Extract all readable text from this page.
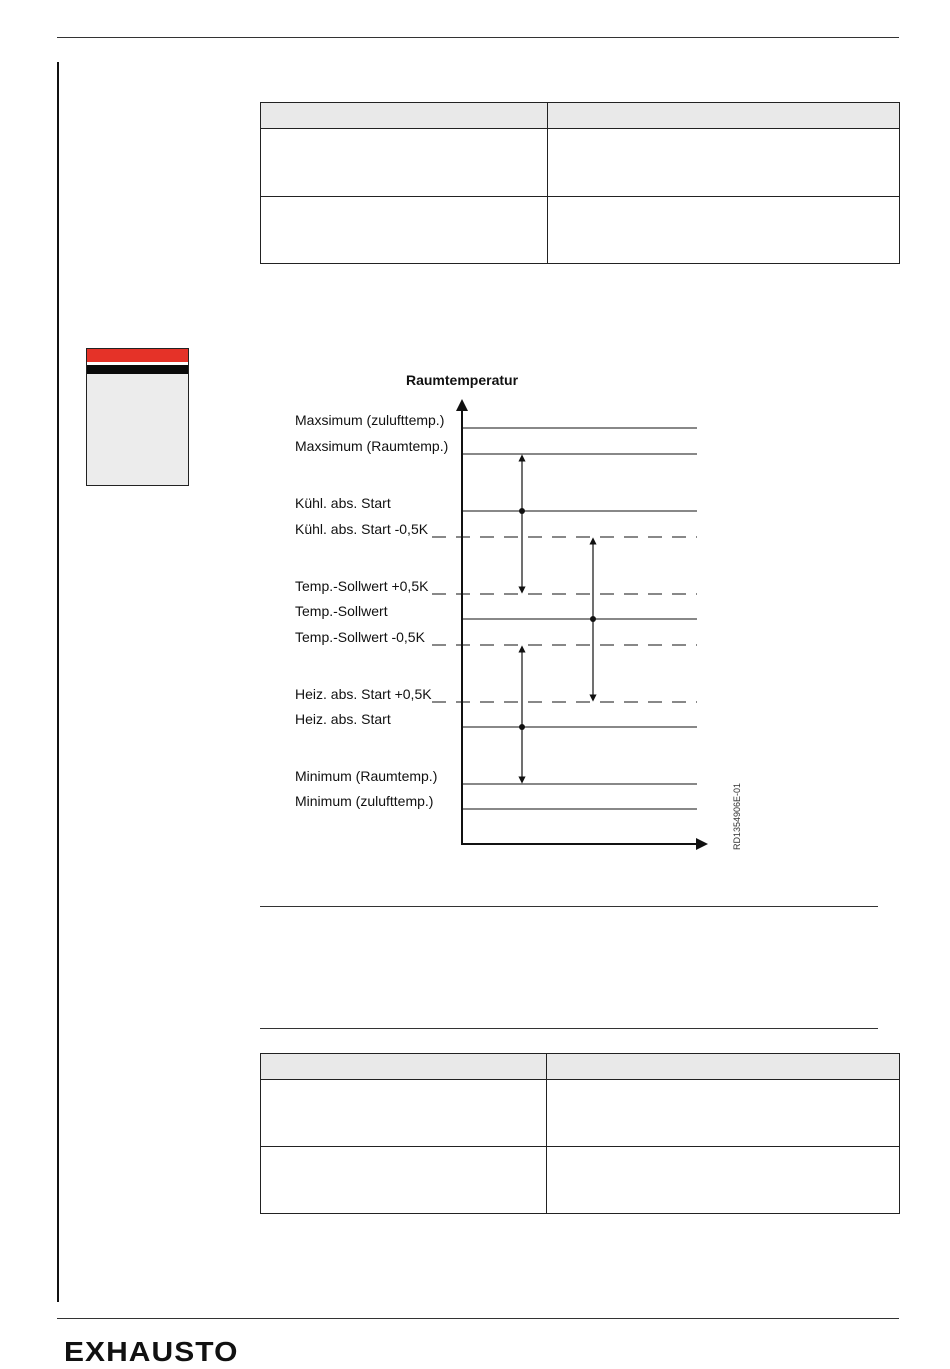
Raumtemperatur
Maxsimum (zulufttemp.)
Maxsimum (Raumtemp.)
Kühl. abs. Start
Kühl. abs. Start -0,5K
Temp.-Sollwert +0,5K
Temp.-Sollwert
Temp.-Sollwert -0,5K
Heiz. abs. Start +0,5K
Heiz. abs. Start
Minimum (Raumtemp.)
Minimum (zulufttemp.)	RD1354906E-01

EXHAUSTO
